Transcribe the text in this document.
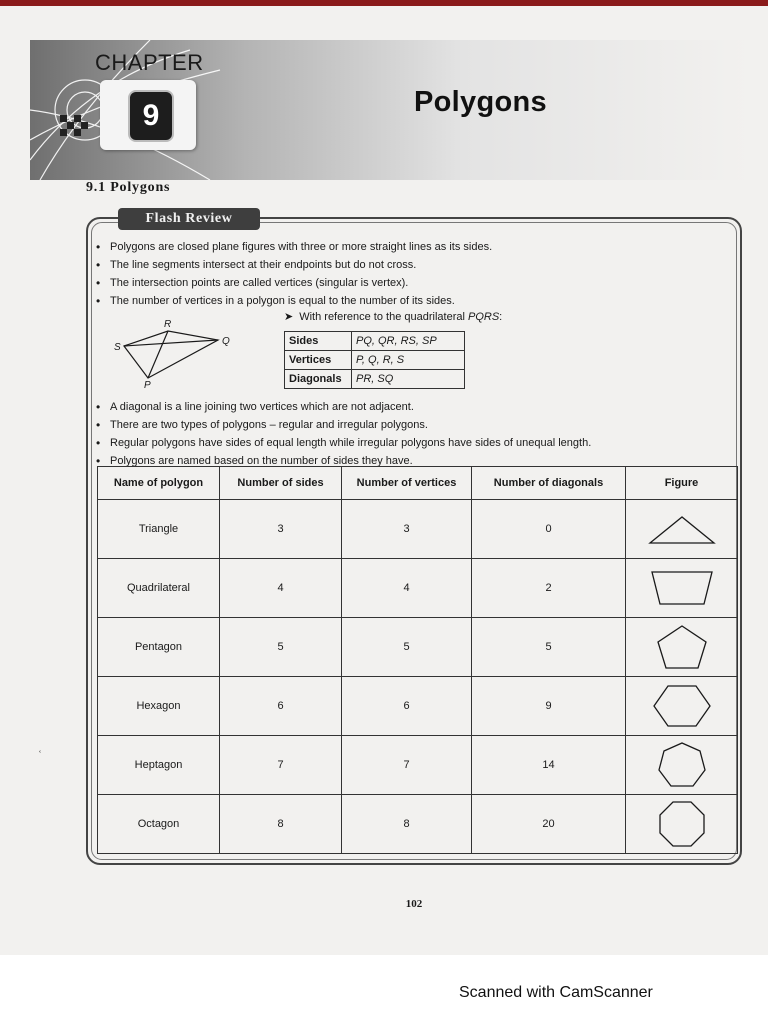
CHAPTER
9	Polygons
9.1 Polygons
Flash Review
• Polygons are closed plane figures with three or more straight lines as its sides.
• The line segments intersect at their endpoints but do not cross.
• The intersection points are called vertices (singular is vertex).
• The number of vertices in a polygon is equal to the number of its sides.
➤ With reference to the quadrilateral PQRS:
P
Q
R
S
Sides	PQ, QR, RS, SP
Vertices	P, Q, R, S
Diagonals	PR, SQ
• A diagonal is a line joining two vertices which are not adjacent.
• There are two types of polygons – regular and irregular polygons.
• Regular polygons have sides of equal length while irregular polygons have sides of unequal length.
• Polygons are named based on the number of sides they have.
Name of polygon	Number of sides	Number of vertices	Number of diagonals	Figure
Triangle	3	3	0	

Quadrilateral	4	4	2	

Pentagon	5	5	5	

Hexagon	6	6	9	

Heptagon	7	7	14	

Octagon	8	8	20	
ʿ
102
Scanned with CamScanner
